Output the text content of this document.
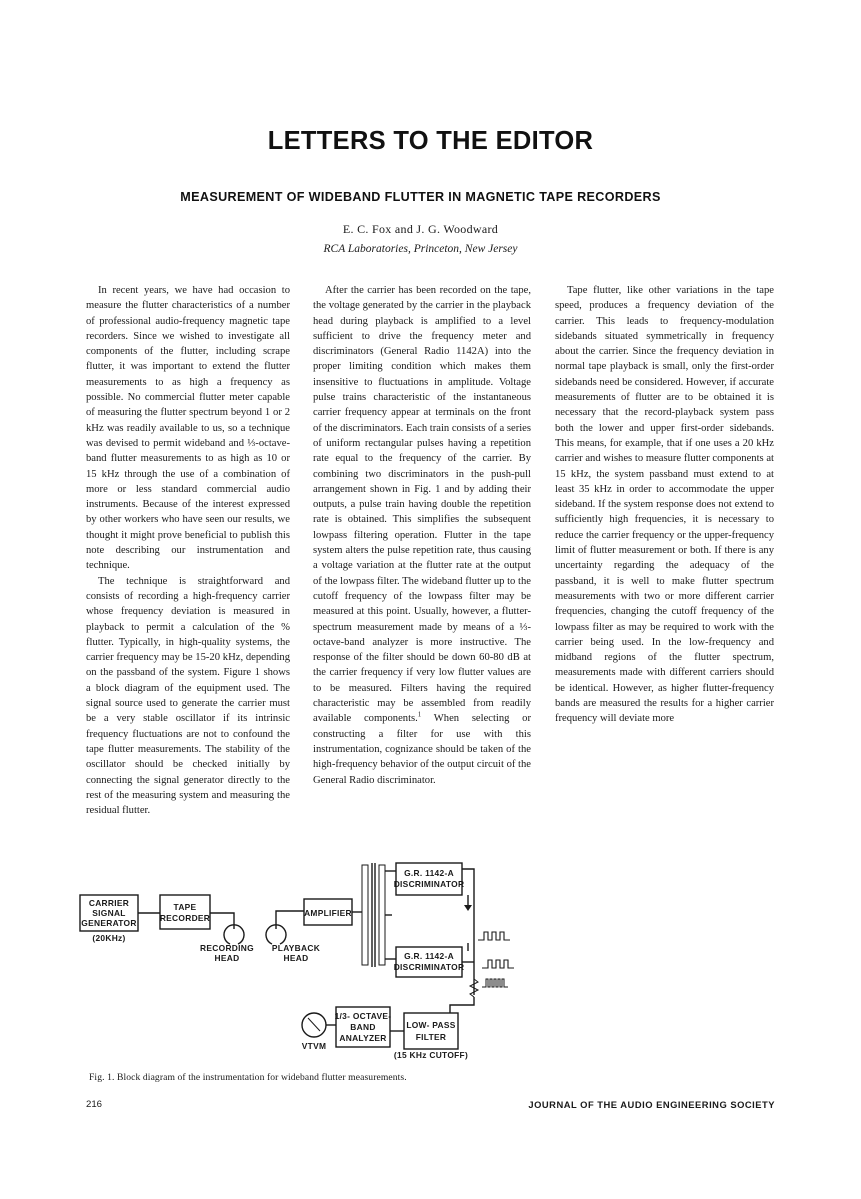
LETTERS TO THE EDITOR
MEASUREMENT OF WIDEBAND FLUTTER IN MAGNETIC TAPE RECORDERS
E. C. Fox and J. G. Woodward
RCA Laboratories, Princeton, New Jersey

In recent years, we have had occasion to measure the flutter characteristics of a number of professional audio-frequency magnetic tape recorders. Since we wished to investigate all components of the flutter, including scrape flutter, it was important to extend the flutter measurements to as high a frequency as possible. No commercial flutter meter capable of measuring the flutter spectrum beyond 1 or 2 kHz was readily available to us, so a technique was devised to permit wideband and ⅓-octave-band flutter measurements to as high as 10 or 15 kHz through the use of a combination of more or less standard commercial audio instruments. Because of the interest expressed by other workers who have seen our results, we thought it might prove beneficial to publish this note describing our instrumentation and technique.

The technique is straightforward and consists of recording a high-frequency carrier whose frequency deviation is measured in playback to permit a calculation of the % flutter. Typically, in high-quality systems, the carrier frequency may be 15-20 kHz, depending on the passband of the system. Figure 1 shows a block diagram of the equipment used. The signal source used to generate the carrier must be a very stable oscillator if its intrinsic frequency fluctuations are not to confound the tape flutter measurements. The stability of the oscillator should be checked initially by connecting the signal generator directly to the rest of the measuring system and measuring the residual flutter.

After the carrier has been recorded on the tape, the voltage generated by the carrier in the playback head during playback is amplified to a level sufficient to drive the frequency meter and discriminators (General Radio 1142A) into the proper limiting condition which makes them insensitive to fluctuations in amplitude. Voltage pulse trains characteristic of the instantaneous carrier frequency appear at terminals on the front of the discriminators. Each train consists of a series of uniform rectangular pulses having a repetition rate equal to the frequency of the carrier. By combining two discriminators in the push-pull arrangement shown in Fig. 1 and by adding their outputs, a pulse train having double the repetition rate is obtained. This simplifies the subsequent lowpass filtering operation. Flutter in the tape system alters the pulse repetition rate, thus causing a voltage variation at the flutter rate at the output of the lowpass filter. The wideband flutter up to the cutoff frequency of the lowpass filter may be measured at this point. Usually, however, a flutter-spectrum measurement made by means of a ⅓-octave-band analyzer is more instructive. The response of the filter should be down 60-80 dB at the carrier frequency if very low flutter values are to be measured. Filters having the required characteristic may be assembled from readily available components.$^1$ When selecting or constructing a filter for use with this instrumentation, cognizance should be taken of the high-frequency behavior of the output circuit of the General Radio discriminator.

Tape flutter, like other variations in the tape speed, produces a frequency deviation of the carrier. This leads to frequency-modulation sidebands situated symmetrically in frequency about the carrier. Since the frequency deviation in normal tape playback is small, only the first-order sidebands need be considered. However, if accurate measurements of flutter are to be obtained it is necessary that the record-playback system pass both the lower and upper first-order sidebands. This means, for example, that if one uses a 20 kHz carrier and wishes to measure flutter components at 15 kHz, the system passband must extend to at least 35 kHz in order to accommodate the upper sideband. If the system response does not extend to sufficiently high frequencies, it is necessary to reduce the carrier frequency or the upper-frequency limit of flutter measurement or both. If there is any uncertainty regarding the adequacy of the passband, it is well to make flutter spectrum measurements with two or more different carrier frequencies, changing the cutoff frequency of the lowpass filter as may be required to work with the carrier being used. In the low-frequency and midband regions of the flutter spectrum, measurements made with different carriers should be identical. However, as higher flutter-frequency bands are measured the results for a higher carrier frequency will deviate more

CARRIER
SIGNAL
GENERATOR
(20KHz)
TAPE
RECORDER
RECORDING
HEAD
PLAYBACK
HEAD
AMPLIFIER
G.R. 1142-A
DISCRIMINATOR
G.R. 1142-A
DISCRIMINATOR
LOW- PASS
FILTER
(15 KHz CUTOFF)
1/3- OCTAVE-
BAND
ANALYZER
VTVM
Fig. 1. Block diagram of the instrumentation for wideband flutter measurements.
216	JOURNAL OF THE AUDIO ENGINEERING SOCIETY
